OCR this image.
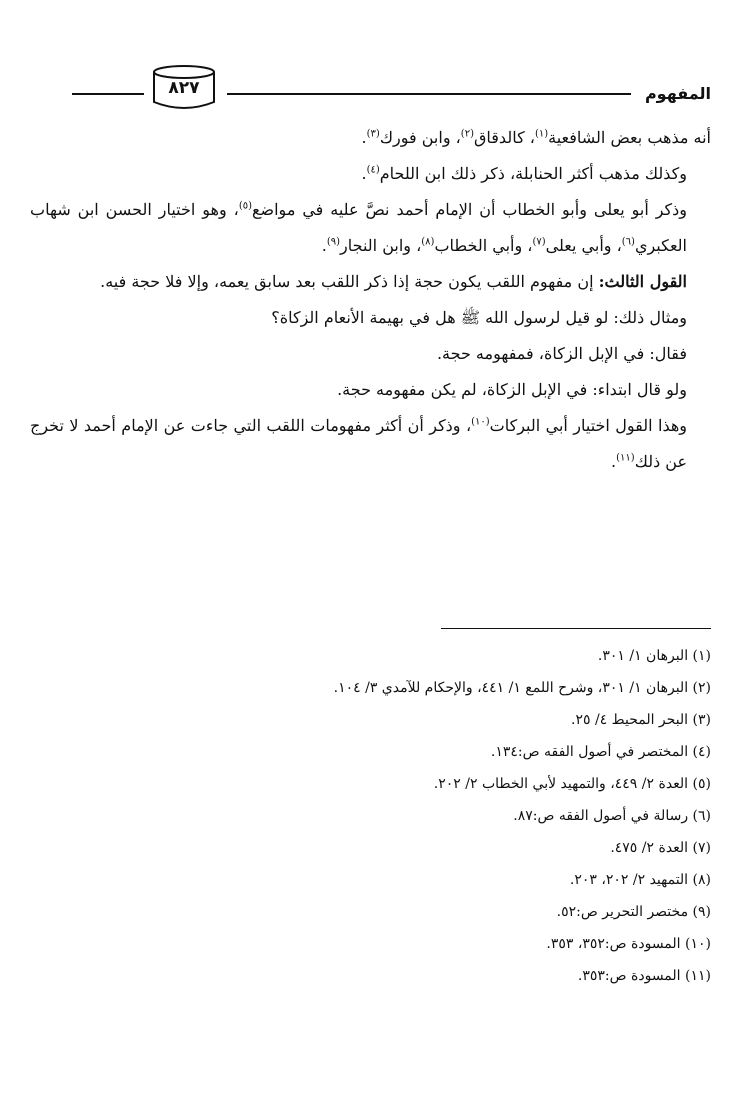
المفهوم
٨٢٧

أنه مذهب بعض الشافعية$^{(١)}$، كالدقاق$^{(٢)}$، وابن فورك$^{(٣)}$.

وكذلك مذهب أكثر الحنابلة، ذكر ذلك ابن اللحام$^{(٤)}$.

وذكر أبو يعلى وأبو الخطاب أن الإمام أحمد نصَّ عليه في مواضع$^{(٥)}$، وهو اختيار الحسن ابن شهاب العكبري$^{(٦)}$، وأبي يعلى$^{(٧)}$، وأبي الخطاب$^{(٨)}$، وابن النجار$^{(٩)}$.

القول الثالث: إن مفهوم اللقب يكون حجة إذا ذكر اللقب بعد سابق يعمه، وإلا فلا حجة فيه.

ومثال ذلك: لو قيل لرسول الله ﷺ هل في بهيمة الأنعام الزكاة؟

فقال: في الإبل الزكاة، فمفهومه حجة.

ولو قال ابتداء: في الإبل الزكاة، لم يكن مفهومه حجة.

وهذا القول اختيار أبي البركات$^{(١٠)}$، وذكر أن أكثر مفهومات اللقب التي جاءت عن الإمام أحمد لا تخرج عن ذلك$^{(١١)}$.

(١) البرهان ١/ ٣٠١.

(٢) البرهان ١/ ٣٠١، وشرح اللمع ١/ ٤٤١، والإحكام للآمدي ٣/ ١٠٤.

(٣) البحر المحيط ٤/ ٢٥.

(٤) المختصر في أصول الفقه ص:١٣٤.

(٥) العدة ٢/ ٤٤٩، والتمهيد لأبي الخطاب ٢/ ٢٠٢.

(٦) رسالة في أصول الفقه ص:٨٧.

(٧) العدة ٢/ ٤٧٥.

(٨) التمهيد ٢/ ٢٠٢، ٢٠٣.

(٩) مختصر التحرير ص:٥٢.

(١٠) المسودة ص:٣٥٢، ٣٥٣.

(١١) المسودة ص:٣٥٣.
